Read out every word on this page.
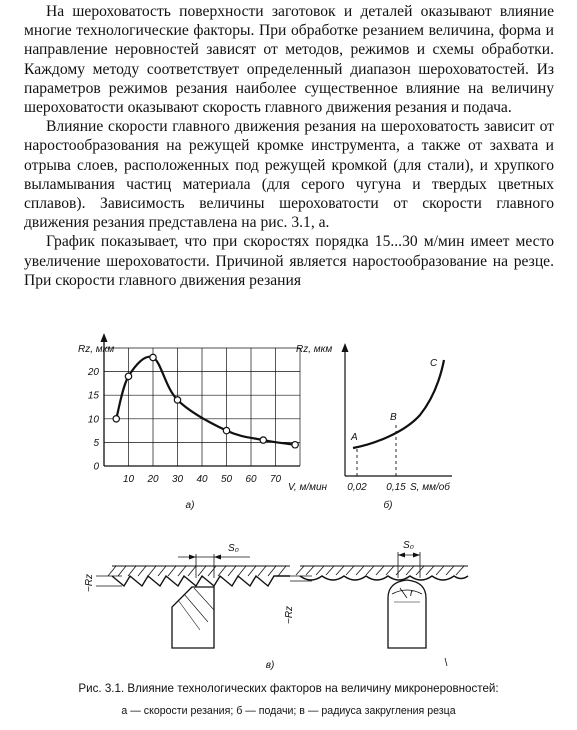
На шероховатость поверхности заготовок и деталей оказывают влияние многие технологические факторы. При обработке резанием величина, форма и направление неровностей зависят от методов, режимов и схемы обработки. Каждому методу соответствует определенный диапазон шероховатостей. Из параметров режимов резания наиболее существенное влияние на величину шероховатости оказывают скорость главного движения резания и подача.

Влияние скорости главного движения резания на шероховатость зависит от наростообразования на режущей кромке инструмента, а также от захвата и отрыва слоев, расположенных под режущей кромкой (для стали), и хрупкого выламывания частиц материала (для серого чугуна и твердых цветных сплавов). Зависимость величины шероховатости от скорости главного движения резания представлена на рис. 3.1, а.

График показывает, что при скоростях порядка 15...30 м/мин имеет место увеличение шероховатости. Причиной является наростообразование на резце. При скорости главного движения резания

0
5
10
15
20
10 20 30 40 50 60 70
Rz, мкм
V, м/мин
а)
A
B
C
0,02 0,15 S, мм/об
Rz, мкм
б)
~Rz
S₀
r
~Rz
S₀
в)
Рис. 3.1. Влияние технологических факторов на величину микронеровностей:
а — скорости резания; б — подачи; в — радиуса закругления резца
